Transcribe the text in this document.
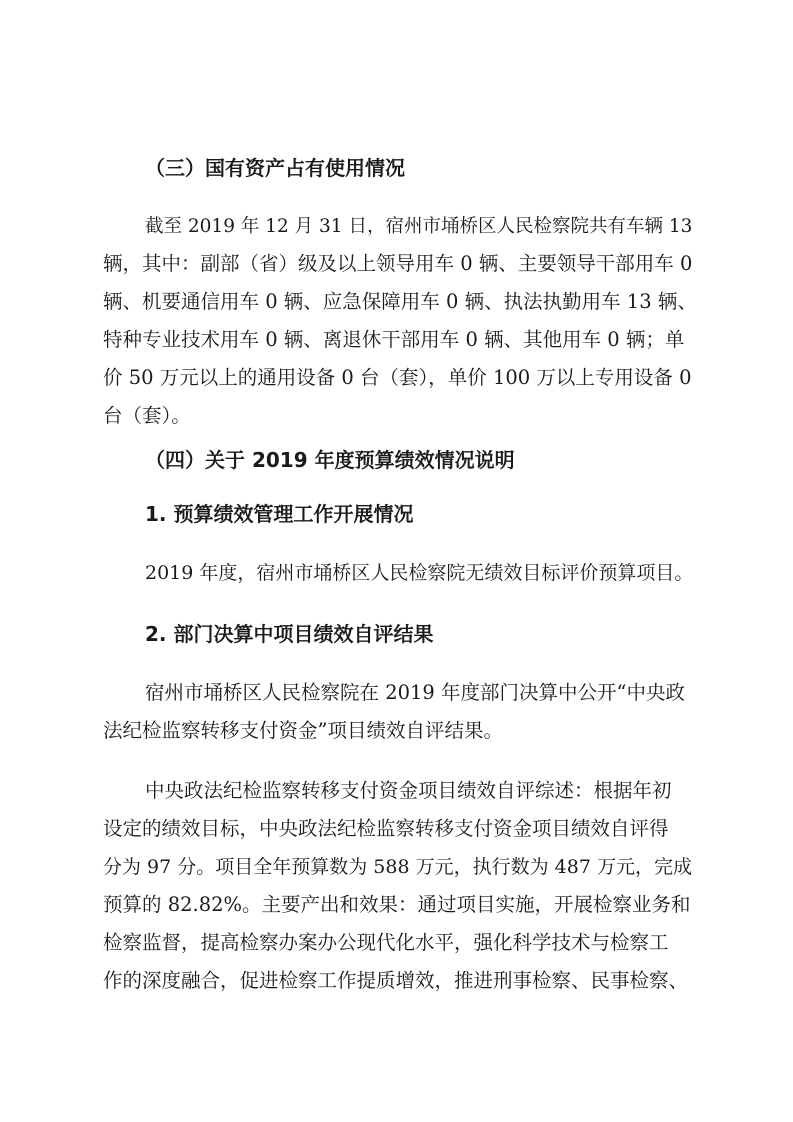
（三）国有资产占有使用情况
截至 2019 年 12 月 31 日，宿州市埇桥区人民检察院共有车辆 13
辆，其中：副部（省）级及以上领导用车 0 辆、主要领导干部用车 0
辆、机要通信用车 0 辆、应急保障用车 0 辆、执法执勤用车 13 辆、
特种专业技术用车 0 辆、离退休干部用车 0 辆、其他用车 0 辆；单
价 50 万元以上的通用设备 0 台（套），单价 100 万以上专用设备 0
台（套）。
（四）关于 2019 年度预算绩效情况说明
1. 预算绩效管理工作开展情况
2019 年度，宿州市埇桥区人民检察院无绩效目标评价预算项目。
2. 部门决算中项目绩效自评结果
宿州市埇桥区人民检察院在 2019 年度部门决算中公开“中央政
法纪检监察转移支付资金”项目绩效自评结果。
中央政法纪检监察转移支付资金项目绩效自评综述：根据年初
设定的绩效目标，中央政法纪检监察转移支付资金项目绩效自评得
分为 97 分。项目全年预算数为 588 万元，执行数为 487 万元，完成
预算的 82.82%。主要产出和效果：通过项目实施，开展检察业务和
检察监督，提高检察办案办公现代化水平，强化科学技术与检察工
作的深度融合，促进检察工作提质增效，推进刑事检察、民事检察、
